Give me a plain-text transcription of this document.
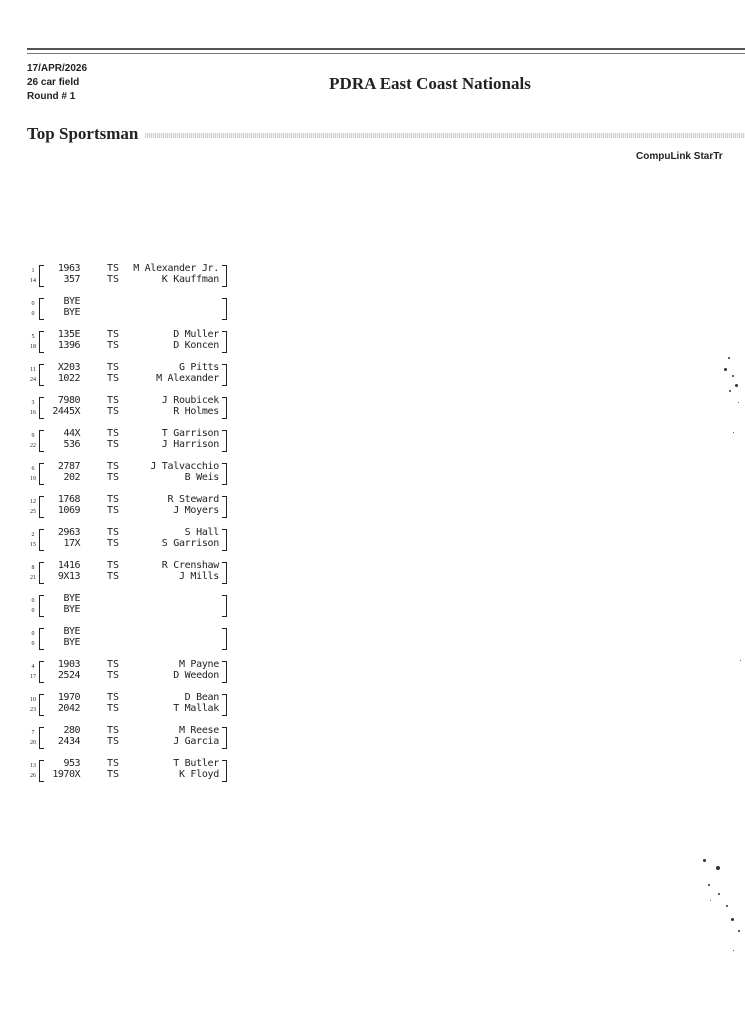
17/APR/2026
26 car field
Round # 1
PDRA East Coast Nationals
Top Sportsman
CompuLink StarTr
1	1963	TS	M Alexander Jr.
14	357	TS	K Kauffman
0	BYE
0	BYE
5	135E	TS	D Muller
18	1396	TS	D Koncen
11	X203	TS	G Pitts
24	1022	TS	M Alexander
3	7980	TS	J Roubicek
16	2445X	TS	R Holmes
9	44X	TS	T Garrison
22	536	TS	J Harrison
6	2787	TS	J Talvacchio
19	202	TS	B Weis
12	1768	TS	R Steward
25	1069	TS	J Moyers
2	2963	TS	S Hall
15	17X	TS	S Garrison
8	1416	TS	R Crenshaw
21	9X13	TS	J Mills
0	BYE
0	BYE
0	BYE
0	BYE
4	1903	TS	M Payne
17	2524	TS	D Weedon
10	1970	TS	D Bean
23	2042	TS	T Mallak
7	280	TS	M Reese
20	2434	TS	J Garcia
13	953	TS	T Butler
26	1970X	TS	K Floyd
